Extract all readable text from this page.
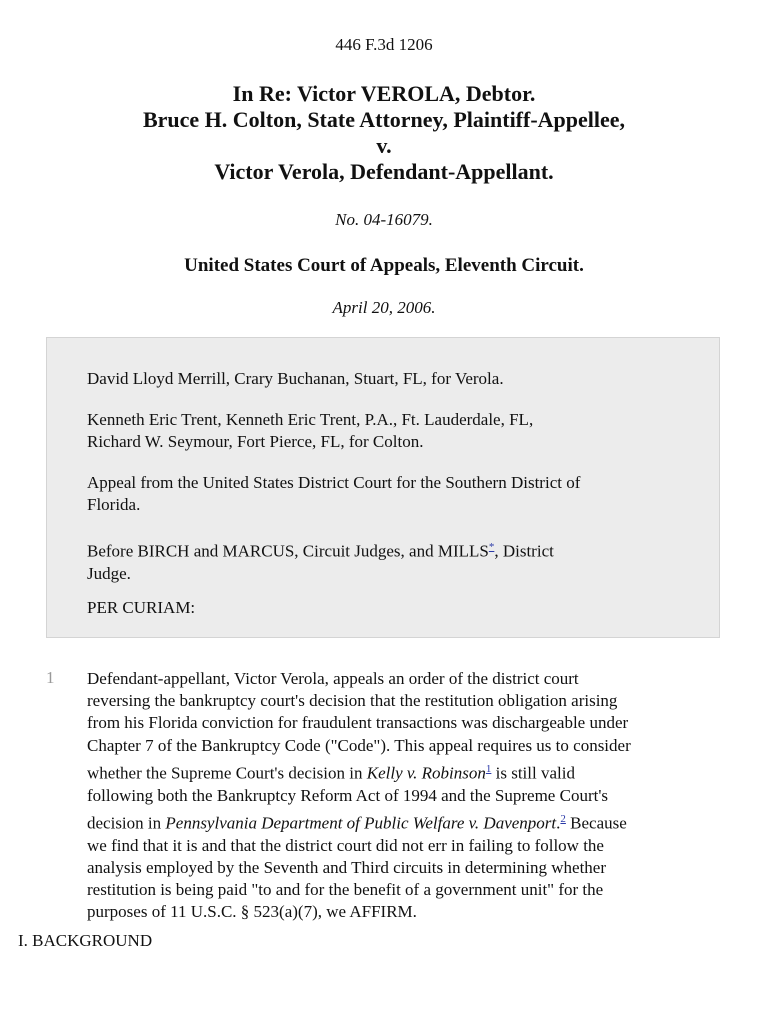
446 F.3d 1206
In Re: Victor VEROLA, Debtor.
Bruce H. Colton, State Attorney, Plaintiff-Appellee,
v.
Victor Verola, Defendant-Appellant.
No. 04-16079.
United States Court of Appeals, Eleventh Circuit.
April 20, 2006.

David Lloyd Merrill, Crary Buchanan, Stuart, FL, for Verola.

Kenneth Eric Trent, Kenneth Eric Trent, P.A., Ft. Lauderdale, FL,
Richard W. Seymour, Fort Pierce, FL, for Colton.

Appeal from the United States District Court for the Southern District of
Florida.

Before BIRCH and MARCUS, Circuit Judges, and MILLS*, District
Judge.

PER CURIAM:

1 Defendant-appellant, Victor Verola, appeals an order of the district court
reversing the bankruptcy court's decision that the restitution obligation arising
from his Florida conviction for fraudulent transactions was dischargeable under
Chapter 7 of the Bankruptcy Code ("Code"). This appeal requires us to consider
whether the Supreme Court's decision in Kelly v. Robinson$^1$ is still valid
following both the Bankruptcy Reform Act of 1994 and the Supreme Court's
decision in Pennsylvania Department of Public Welfare v. Davenport.$^2$ Because
we find that it is and that the district court did not err in failing to follow the
analysis employed by the Seventh and Third circuits in determining whether
restitution is being paid "to and for the benefit of a government unit" for the
purposes of 11 U.S.C. § 523(a)(7), we AFFIRM.
I. BACKGROUND
